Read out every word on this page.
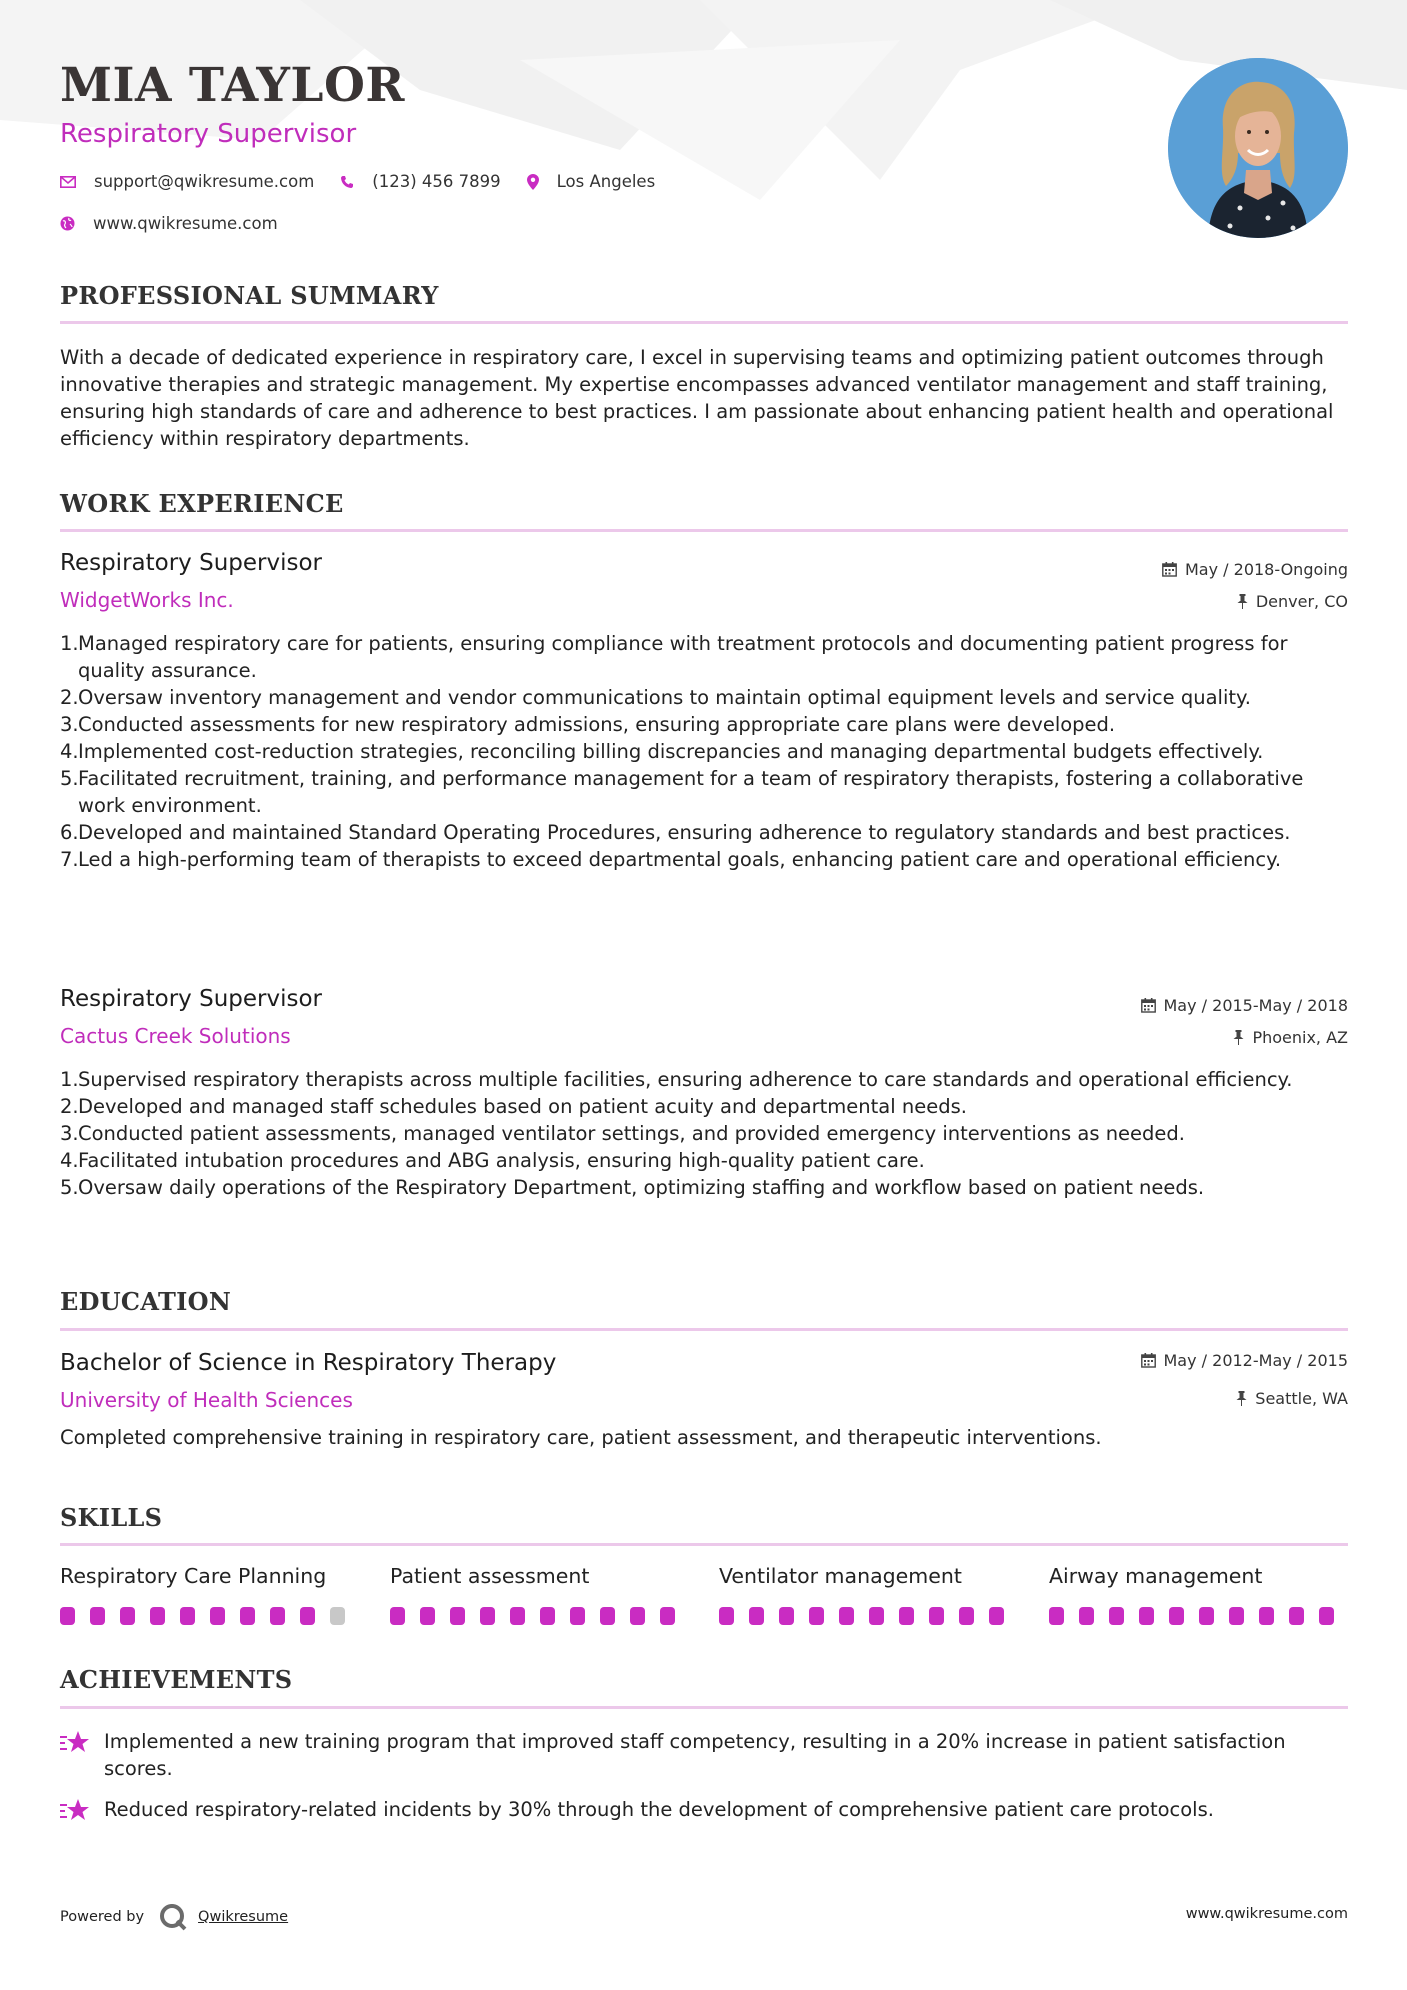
MIA TAYLOR
Respiratory Supervisor
support@qwikresume.com	(123) 456 7899	Los Angeles
www.qwikresume.com
PROFESSIONAL SUMMARY

With a decade of dedicated experience in respiratory care, I excel in supervising teams and optimizing patient outcomes through innovative therapies and strategic management. My expertise encompasses advanced ventilator management and staff training, ensuring high standards of care and adherence to best practices. I am passionate about enhancing patient health and operational efficiency within respiratory departments.

WORK EXPERIENCE
Respiratory Supervisor	May / 2018-Ongoing
WidgetWorks Inc.	Denver, CO
1. Managed respiratory care for patients, ensuring compliance with treatment protocols and documenting patient progress for quality assurance.
2. Oversaw inventory management and vendor communications to maintain optimal equipment levels and service quality.
3. Conducted assessments for new respiratory admissions, ensuring appropriate care plans were developed.
4. Implemented cost-reduction strategies, reconciling billing discrepancies and managing departmental budgets effectively.
5. Facilitated recruitment, training, and performance management for a team of respiratory therapists, fostering a collaborative work environment.
6. Developed and maintained Standard Operating Procedures, ensuring adherence to regulatory standards and best practices.
7. Led a high-performing team of therapists to exceed departmental goals, enhancing patient care and operational efficiency.
Respiratory Supervisor	May / 2015-May / 2018
Cactus Creek Solutions	Phoenix, AZ
1. Supervised respiratory therapists across multiple facilities, ensuring adherence to care standards and operational efficiency.
2. Developed and managed staff schedules based on patient acuity and departmental needs.
3. Conducted patient assessments, managed ventilator settings, and provided emergency interventions as needed.
4. Facilitated intubation procedures and ABG analysis, ensuring high-quality patient care.
5. Oversaw daily operations of the Respiratory Department, optimizing staffing and workflow based on patient needs.
EDUCATION
Bachelor of Science in Respiratory Therapy	May / 2012-May / 2015
University of Health Sciences	Seattle, WA

Completed comprehensive training in respiratory care, patient assessment, and therapeutic interventions.

SKILLS
Respiratory Care Planning	Patient assessment	Ventilator management	Airway management
ACHIEVEMENTS
Implemented a new training program that improved staff competency, resulting in a 20% increase in patient satisfaction scores.
Reduced respiratory-related incidents by 30% through the development of comprehensive patient care protocols.
Powered by	Qwikresume	www.qwikresume.com
